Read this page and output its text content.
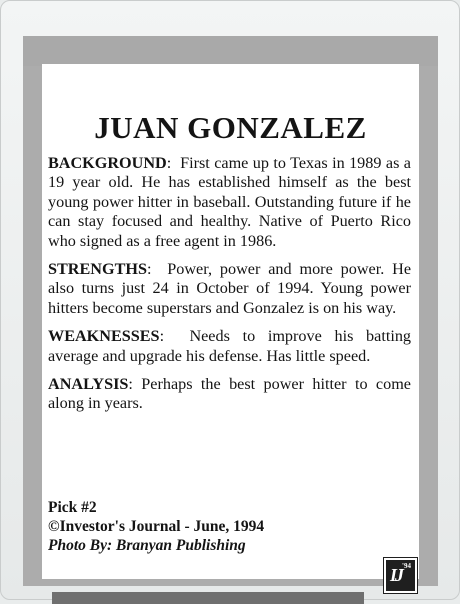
JUAN GONZALEZ

BACKGROUND:  First came up to Texas in 1989 as a 19 year old. He has established himself as the best young power hitter in baseball. Outstanding future if he can stay focused and healthy. Native of Puerto Rico who signed as a free agent in 1986.

STRENGTHS:  Power, power and more power. He also turns just 24 in October of 1994. Young power hitters become superstars and Gonzalez is on his way.

WEAKNESSES:  Needs to improve his batting average and upgrade his defense. Has little speed.

ANALYSIS: Perhaps the best power hitter to come along in years.

Pick #2
©Investor's Journal - June, 1994
Photo By: Branyan Publishing
$IJ^{'94}$
